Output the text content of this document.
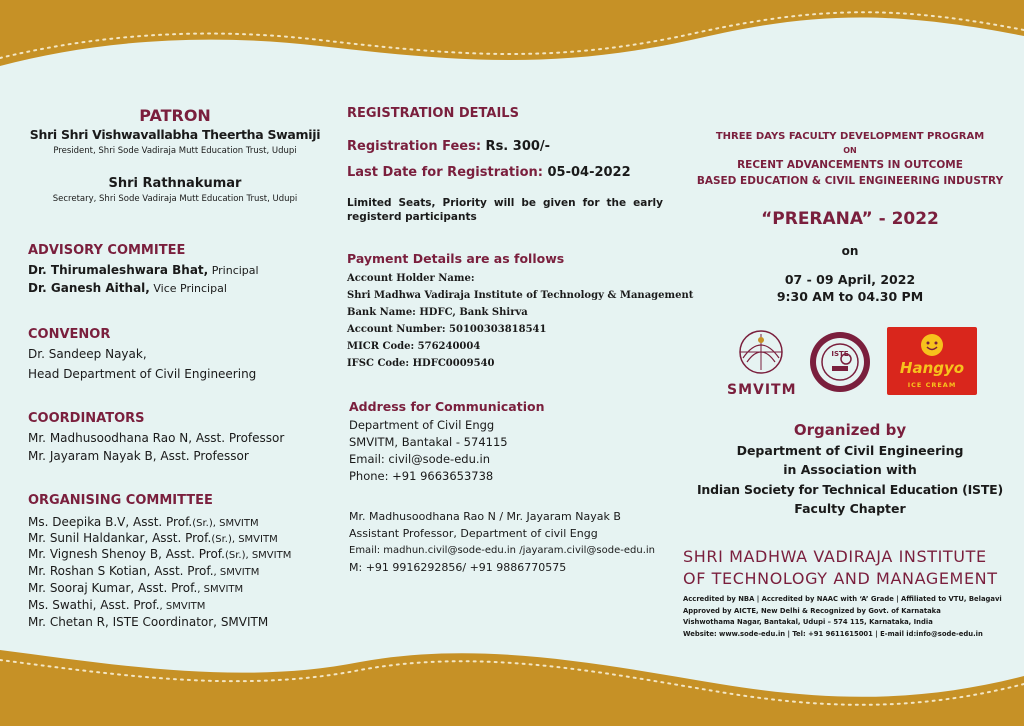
PATRON
Shri Shri Vishwavallabha Theertha Swamiji
President, Shri Sode Vadiraja Mutt Education Trust, Udupi
Shri Rathnakumar
Secretary, Shri Sode Vadiraja Mutt Education Trust, Udupi
ADVISORY COMMITEE
Dr. Thirumaleshwara Bhat, Principal
Dr. Ganesh Aithal, Vice Principal
CONVENOR
Dr. Sandeep Nayak,
Head Department of Civil Engineering
COORDINATORS
Mr. Madhusoodhana Rao N, Asst. Professor
Mr. Jayaram Nayak B, Asst. Professor
ORGANISING COMMITTEE
Ms. Deepika B.V, Asst. Prof.(Sr.), SMVITM
Mr. Sunil Haldankar, Asst. Prof.(Sr.), SMVITM
Mr. Vignesh Shenoy B, Asst. Prof.(Sr.), SMVITM
Mr. Roshan S Kotian, Asst. Prof., SMVITM
Mr. Sooraj Kumar, Asst. Prof., SMVITM
Ms. Swathi, Asst. Prof., SMVITM
Mr. Chetan R, ISTE Coordinator, SMVITM
REGISTRATION DETAILS
Registration Fees: Rs. 300/-
Last Date for Registration: 05-04-2022
Limited Seats, Priority will be given for the early registerd participants
Payment Details are as follows
Account Holder Name:
Shri Madhwa Vadiraja Institute of Technology & Management
Bank Name: HDFC, Bank Shirva
Account Number: 50100303818541
MICR Code: 576240004
IFSC Code: HDFC0009540
Address for Communication
Department of Civil Engg
SMVITM, Bantakal - 574115
Email: civil@sode-edu.in
Phone: +91 9663653738
Mr. Madhusoodhana Rao N / Mr. Jayaram Nayak B
Assistant Professor, Department of civil Engg
Email: madhun.civil@sode-edu.in /jayaram.civil@sode-edu.in
M: +91 9916292856/ +91 9886770575
THREE DAYS FACULTY DEVELOPMENT PROGRAM
ON
RECENT ADVANCEMENTS IN OUTCOME
BASED EDUCATION & CIVIL ENGINEERING INDUSTRY
“PRERANA” - 2022
on
07 - 09 April, 2022
9:30 AM to 04.30 PM
SMVITM
ISTE
Hangyo
ICE CREAM
Organized by
Department of Civil Engineering
in Association with
Indian Society for Technical Education (ISTE)
Faculty Chapter
SHRI MADHWA VADIRAJA INSTITUTE
OF TECHNOLOGY AND MANAGEMENT
Accredited by NBA | Accredited by NAAC with ‘A’ Grade | Affiliated to VTU, Belagavi
Approved by AICTE, New Delhi & Recognized by Govt. of Karnataka
Vishwothama Nagar, Bantakal, Udupi – 574 115, Karnataka, India
Website: www.sode-edu.in | Tel: +91 9611615001 | E-mail id:info@sode-edu.in
